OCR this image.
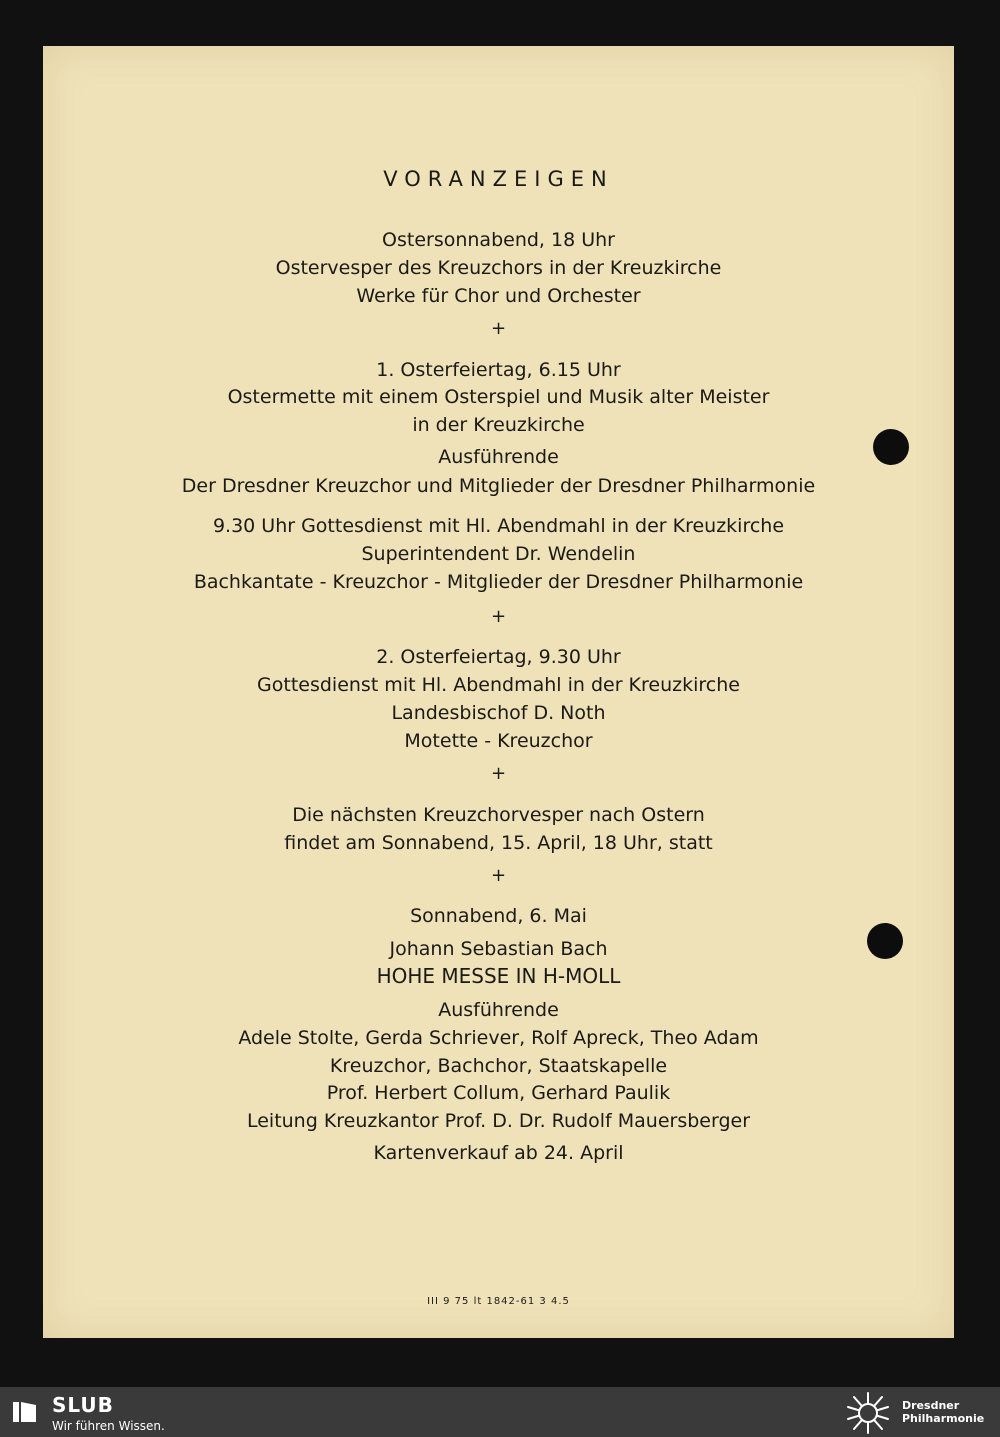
VORANZEIGEN
Ostersonnabend, 18 Uhr
Ostervesper des Kreuzchors in der Kreuzkirche
Werke für Chor und Orchester
+
1. Osterfeiertag, 6.15 Uhr
Ostermette mit einem Osterspiel und Musik alter Meister
in der Kreuzkirche
Ausführende
Der Dresdner Kreuzchor und Mitglieder der Dresdner Philharmonie
9.30 Uhr Gottesdienst mit Hl. Abendmahl in der Kreuzkirche
Superintendent Dr. Wendelin
Bachkantate - Kreuzchor - Mitglieder der Dresdner Philharmonie
+
2. Osterfeiertag, 9.30 Uhr
Gottesdienst mit Hl. Abendmahl in der Kreuzkirche
Landesbischof D. Noth
Motette - Kreuzchor
+
Die nächsten Kreuzchorvesper nach Ostern
findet am Sonnabend, 15. April, 18 Uhr, statt
+
Sonnabend, 6. Mai
Johann Sebastian Bach
HOHE MESSE IN H-MOLL
Ausführende
Adele Stolte, Gerda Schriever, Rolf Apreck, Theo Adam
Kreuzchor, Bachchor, Staatskapelle
Prof. Herbert Collum, Gerhard Paulik
Leitung Kreuzkantor Prof. D. Dr. Rudolf Mauersberger
Kartenverkauf ab 24. April
III 9 75 lt 1842-61 3 4.5
SLUB
Wir führen Wissen.
Dresdner
Philharmonie
